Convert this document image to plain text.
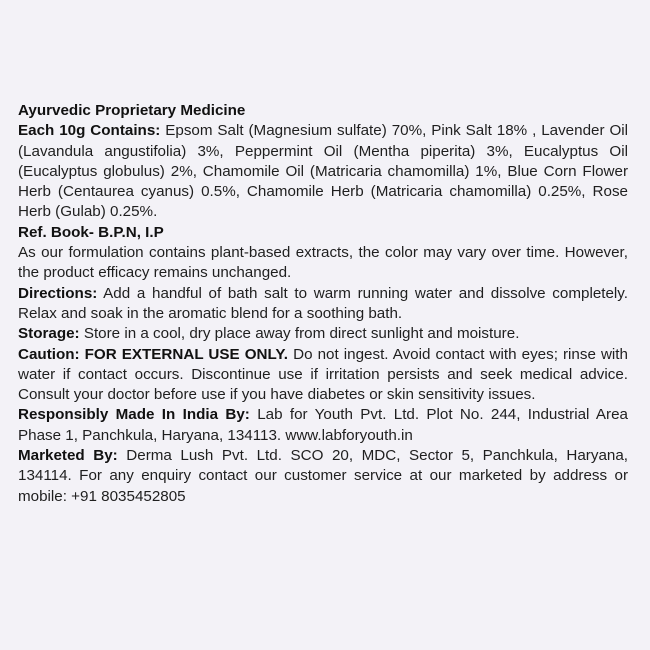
Ayurvedic Proprietary Medicine

Each 10g Contains: Epsom Salt (Magnesium sulfate) 70%, Pink Salt 18% , Lavender Oil (Lavandula angustifolia) 3%, Peppermint Oil (Mentha piperita) 3%, Eucalyptus Oil (Eucalyptus globulus) 2%, Chamomile Oil (Matricaria chamomilla) 1%, Blue Corn Flower Herb (Centaurea cyanus) 0.5%, Chamomile Herb (Matricaria chamomilla) 0.25%, Rose Herb (Gulab) 0.25%.

Ref. Book- B.P.N, I.P

As our formulation contains plant-based extracts, the color may vary over time. However, the product efficacy remains unchanged.

Directions: Add a handful of bath salt to warm running water and dissolve completely. Relax and soak in the aromatic blend for a soothing bath.

Storage: Store in a cool, dry place away from direct sunlight and moisture.

Caution: FOR EXTERNAL USE ONLY. Do not ingest. Avoid contact with eyes; rinse with water if contact occurs. Discontinue use if irritation persists and seek medical advice. Consult your doctor before use if you have diabetes or skin sensitivity issues.

Responsibly Made In India By: Lab for Youth Pvt. Ltd. Plot No. 244, Industrial Area Phase 1, Panchkula, Haryana, 134113. www.labforyouth.in

Marketed By: Derma Lush Pvt. Ltd. SCO 20, MDC, Sector 5, Panchkula, Haryana, 134114. For any enquiry contact our customer service at our marketed by address or mobile: +91 8035452805
